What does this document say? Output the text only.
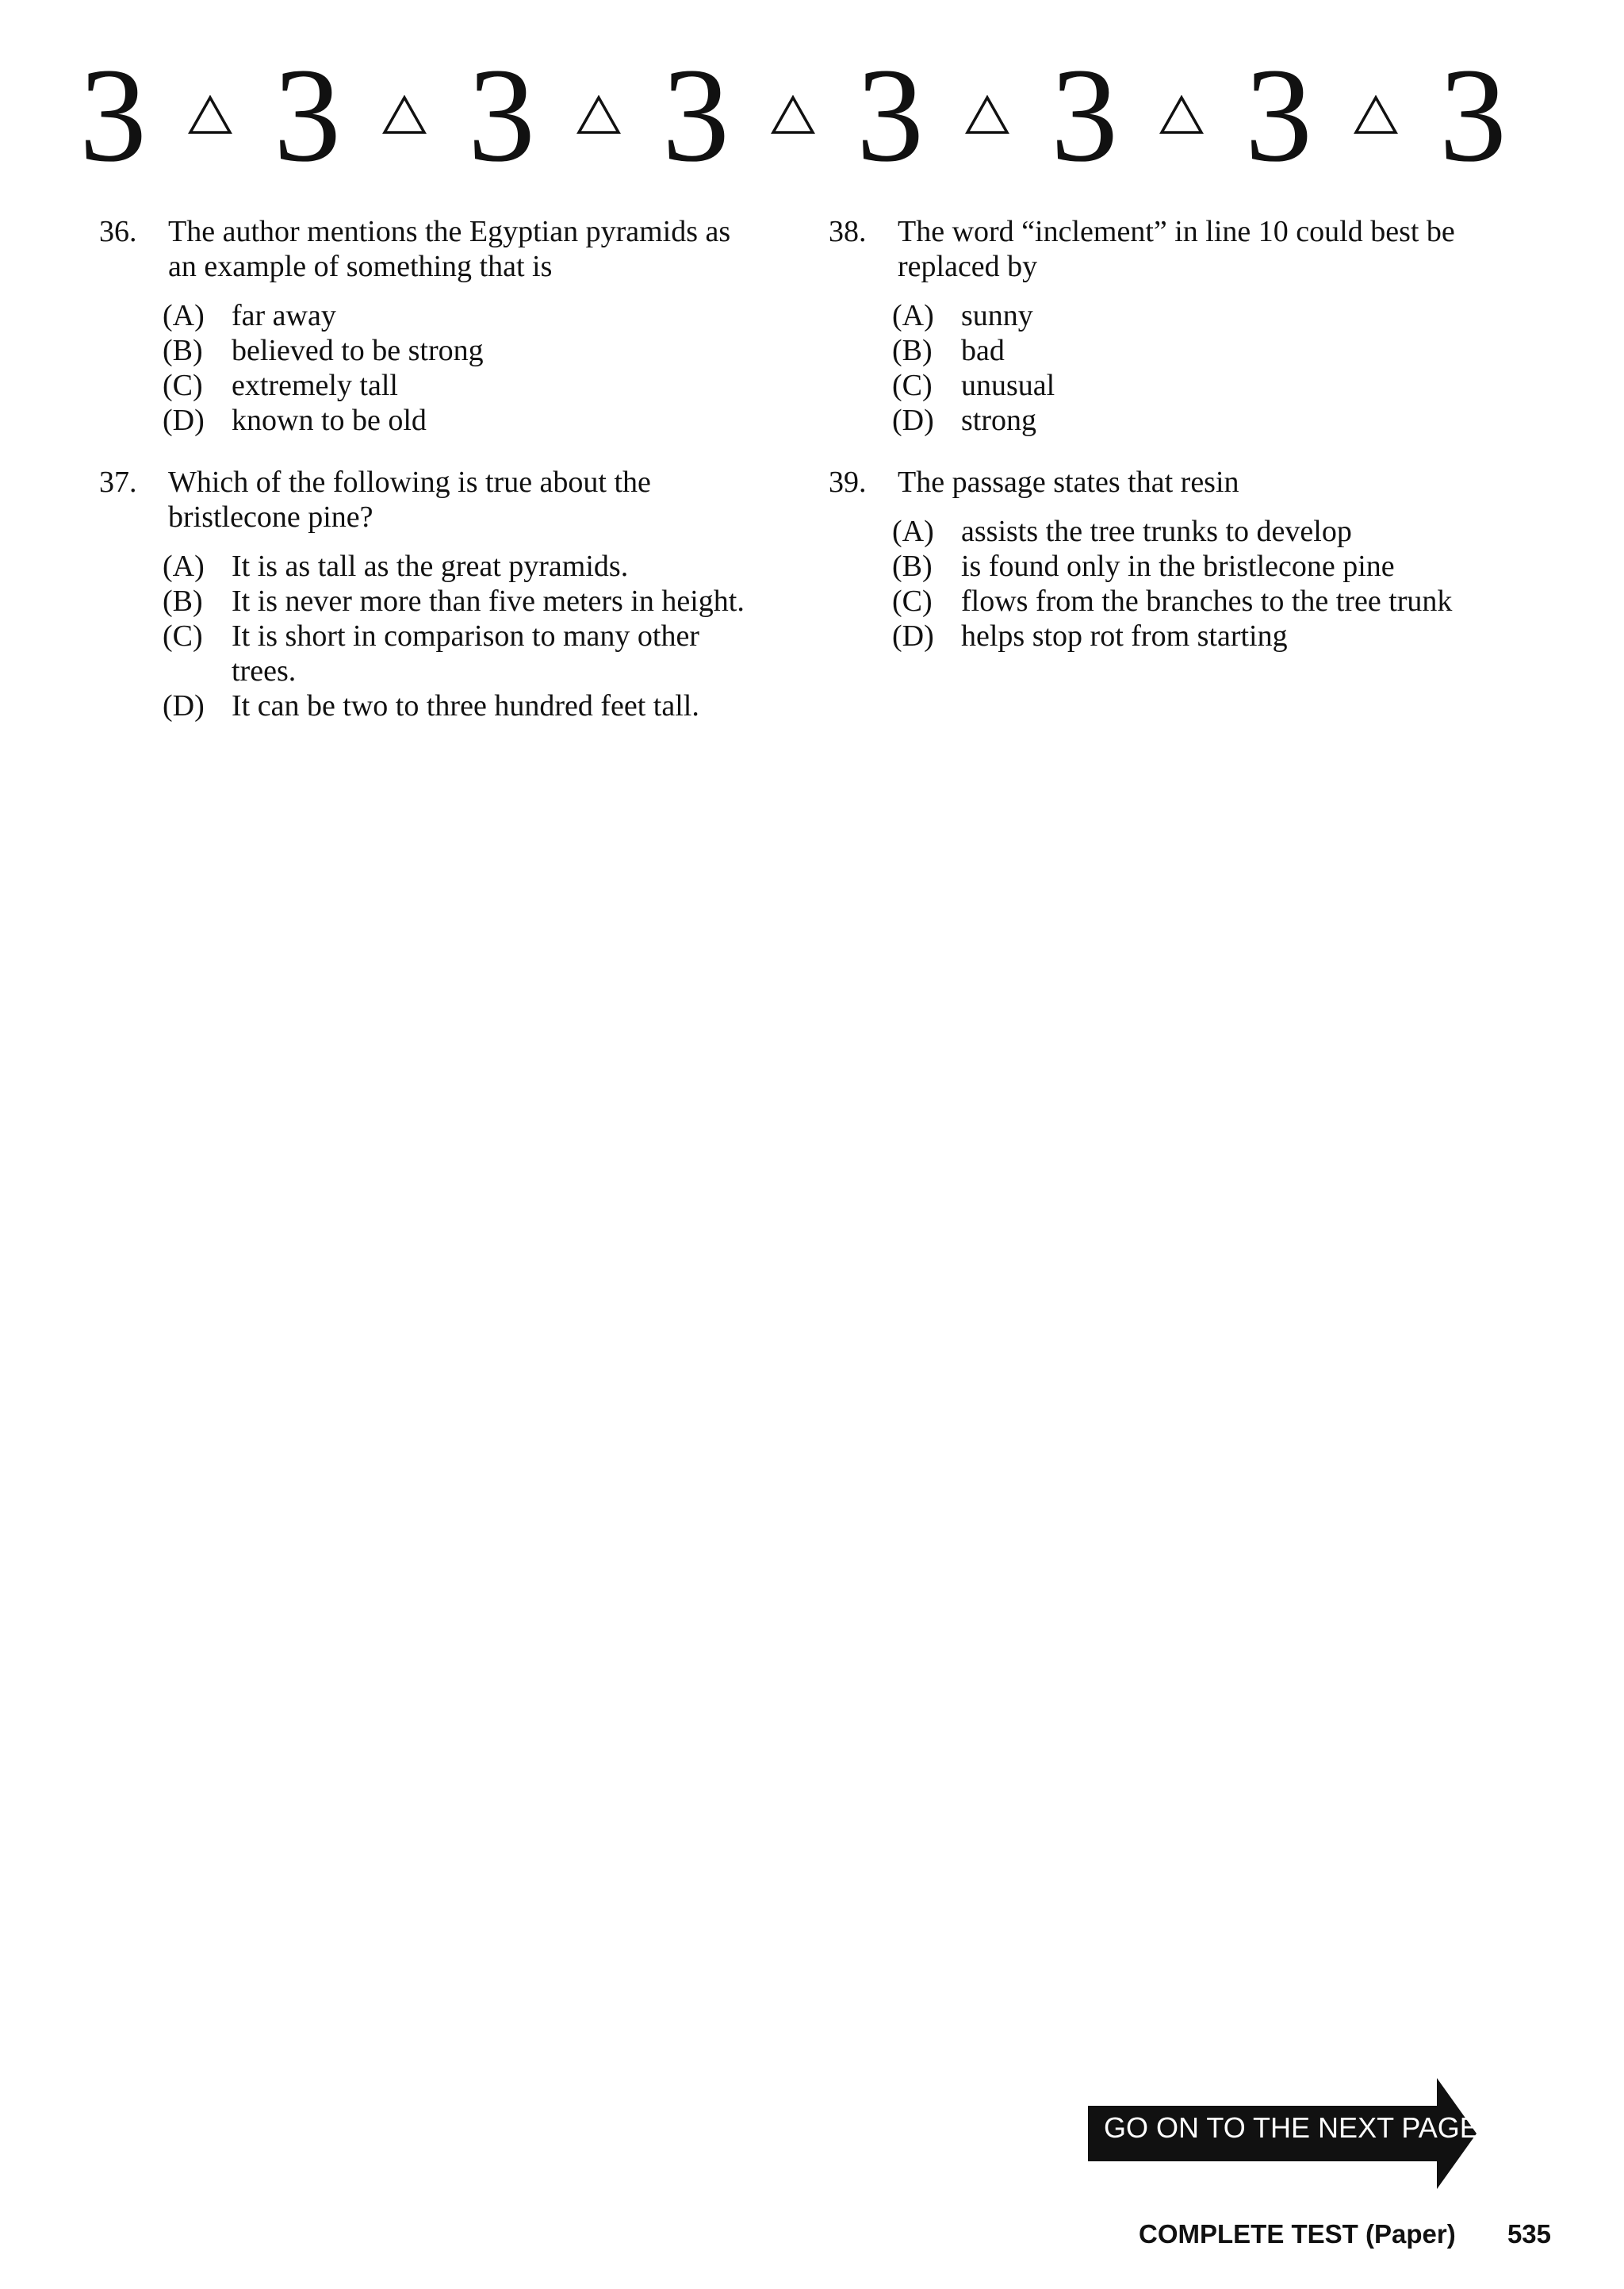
3 3 3 3 3 3 3 3
36.	The author mentions the Egyptian pyramids as an example of something that is
(A) far away
(B) believed to be strong
(C) extremely tall
(D) known to be old
37.	Which of the following is true about the bristlecone pine?
(A) It is as tall as the great pyramids.
(B) It is never more than five meters in height.
(C) It is short in comparison to many other trees.
(D) It can be two to three hundred feet tall.
38.	The word “inclement” in line 10 could best be replaced by
(A) sunny
(B) bad
(C) unusual
(D) strong
39.	The passage states that resin
(A) assists the tree trunks to develop
(B) is found only in the bristlecone pine
(C) flows from the branches to the tree trunk
(D) helps stop rot from starting
GO ON TO THE NEXT PAGE
COMPLETE TEST (Paper) 535
